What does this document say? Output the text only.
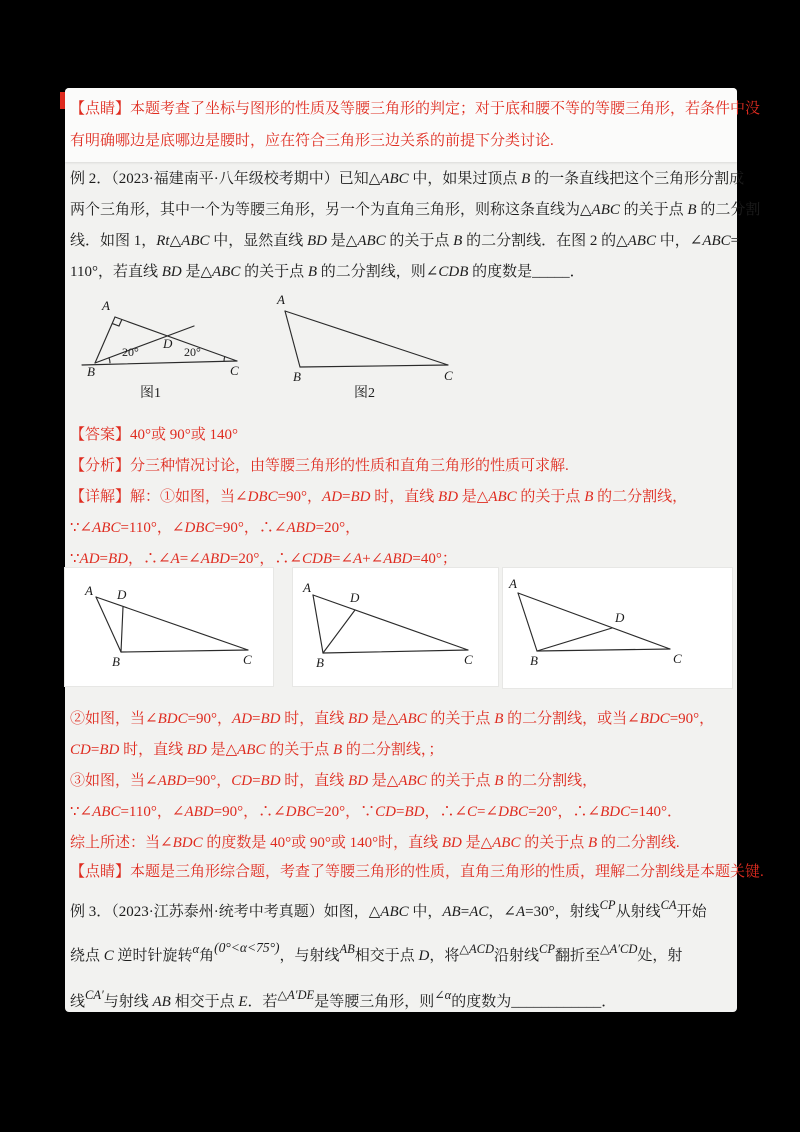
【点睛】本题考查了坐标与图形的性质及等腰三角形的判定；对于底和腰不等的等腰三角形，若条件中没
有明确哪边是底哪边是腰时，应在符合三角形三边关系的前提下分类讨论.
例 2．（2023·福建南平·八年级校考期中）已知△ABC 中，如果过顶点 B 的一条直线把这个三角形分割成
两个三角形，其中一个为等腰三角形，另一个为直角三角形，则称这条直线为△ABC 的关于点 B 的二分割
线．如图 1，Rt△ABC 中，显然直线 BD 是△ABC 的关于点 B 的二分割线．在图 2 的△ABC 中，∠ABC=
110°，若直线 BD 是△ABC 的关于点 B 的二分割线，则∠CDB 的度数是_____．
A
B	C
D
20°	20°
图1
A
B	C
图2
【答案】40°或 90°或 140°
【分析】分三种情况讨论，由等腰三角形的性质和直角三角形的性质可求解.
【详解】解：①如图，当∠DBC=90°，AD=BD 时，直线 BD 是△ABC 的关于点 B 的二分割线，
∵∠ABC=110°，∠DBC=90°，∴∠ABD=20°，
∵AD=BD，∴∠A=∠ABD=20°，∴∠CDB=∠A+∠ABD=40°；
A D
B	C
A
D
B	C
A
D
B	C
②如图，当∠BDC=90°，AD=BD 时，直线 BD 是△ABC 的关于点 B 的二分割线，或当∠BDC=90°，
CD=BD 时，直线 BD 是△ABC 的关于点 B 的二分割线，；
③如图，当∠ABD=90°，CD=BD 时，直线 BD 是△ABC 的关于点 B 的二分割线，
∵∠ABC=110°，∠ABD=90°，∴∠DBC=20°，∵CD=BD，∴∠C=∠DBC=20°，∴∠BDC=140°．
综上所述：当∠BDC 的度数是 40°或 90°或 140°时，直线 BD 是△ABC 的关于点 B 的二分割线.
【点睛】本题是三角形综合题，考查了等腰三角形的性质，直角三角形的性质，理解二分割线是本题关键.
例 3．（2023·江苏泰州·统考中考真题）如图，△ABC 中，AB=AC，∠A=30°，射线$^{CP}$从射线$^{CA}$开始
绕点 C 逆时针旋转$^\alpha$角(0°<α<75°)，与射线$^{AB}$相交于点 D，将$^{\triangle ACD}$沿射线$^{CP}$翻折至$^{\triangle A'CD}$处，射
线$^{CA'}$与射线 AB 相交于点 E．若$^{\triangle A'DE}$是等腰三角形，则$^{\angle\alpha}$的度数为____________．
